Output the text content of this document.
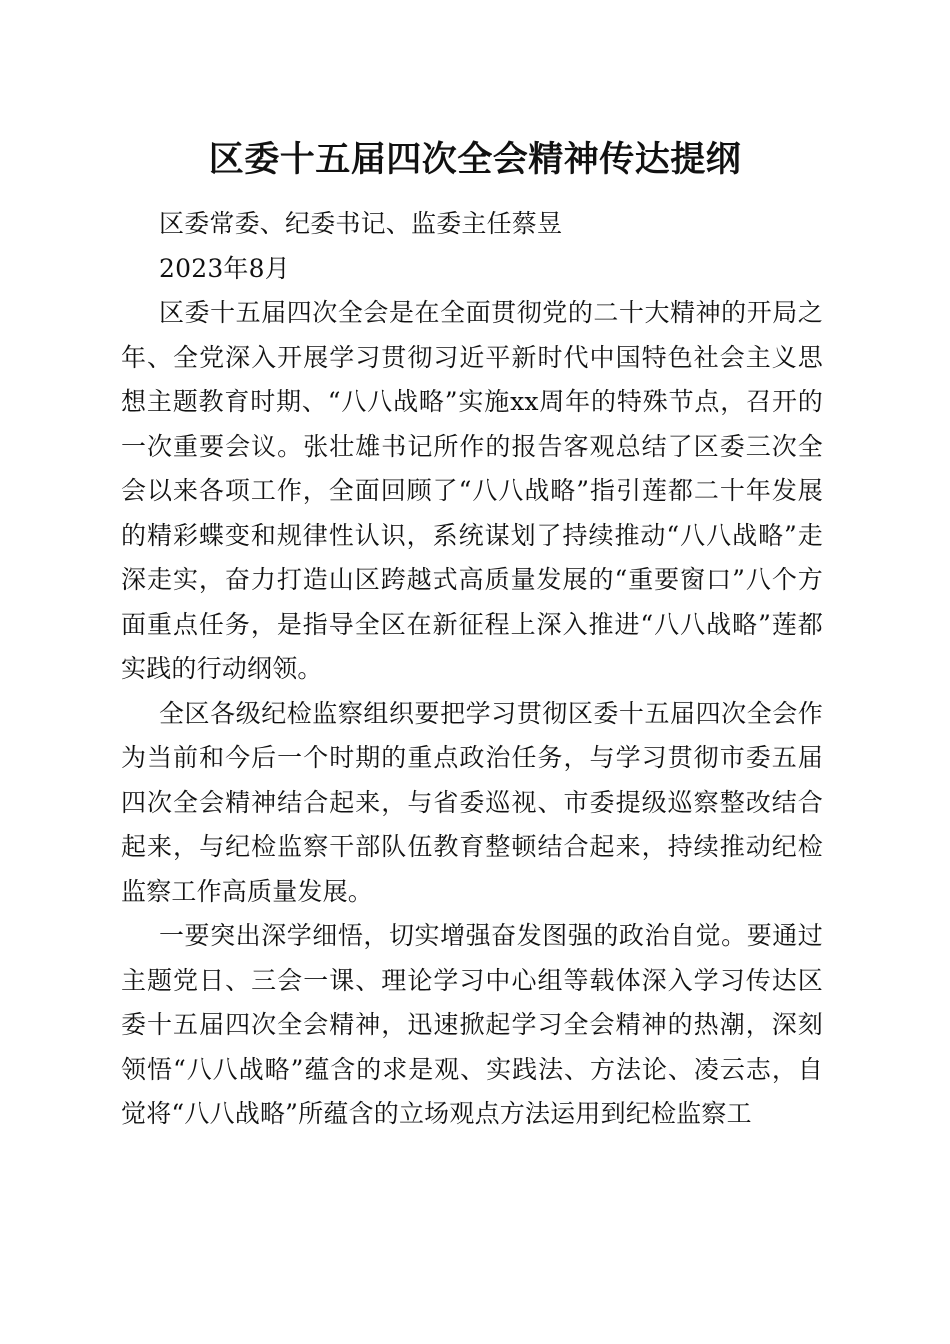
区委十五届四次全会精神传达提纲

区委常委、纪委书记、监委主任蔡昱

2023年8月

区委十五届四次全会是在全面贯彻党的二十大精神的开局之年、全党深入开展学习贯彻习近平新时代中国特色社会主义思想主题教育时期、“八八战略”实施xx周年的特殊节点，召开的一次重要会议。张壮雄书记所作的报告客观总结了区委三次全会以来各项工作，全面回顾了“八八战略”指引莲都二十年发展的精彩蝶变和规律性认识，系统谋划了持续推动“八八战略”走深走实，奋力打造山区跨越式高质量发展的“重要窗口”八个方面重点任务，是指导全区在新征程上深入推进“八八战略”莲都实践的行动纲领。

全区各级纪检监察组织要把学习贯彻区委十五届四次全会作为当前和今后一个时期的重点政治任务，与学习贯彻市委五届四次全会精神结合起来，与省委巡视、市委提级巡察整改结合起来，与纪检监察干部队伍教育整顿结合起来，持续推动纪检监察工作高质量发展。

一要突出深学细悟，切实增强奋发图强的政治自觉。要通过主题党日、三会一课、理论学习中心组等载体深入学习传达区委十五届四次全会精神，迅速掀起学习全会精神的热潮，深刻领悟“八八战略”蕴含的求是观、实践法、方法论、凌云志，自觉将“八八战略”所蕴含的立场观点方法运用到纪检监察工
